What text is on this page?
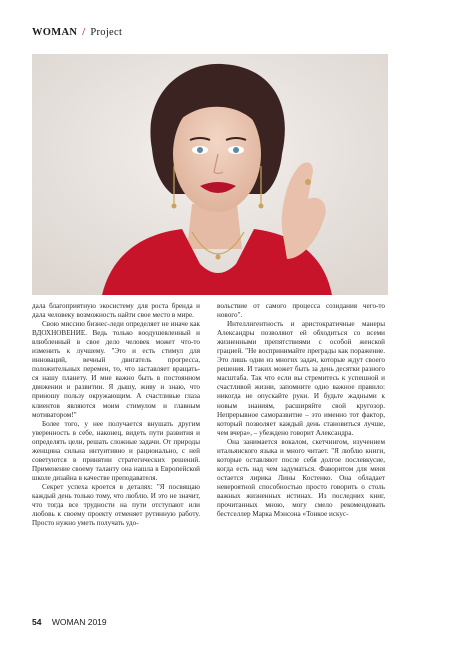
WOMAN / Project

дала благоприятную экосистему для роста бренда и дала человеку возможность найти свое место в мире.

Свою миссию бизнес-леди определяет не иначе как ВДОХНОВЕНИЕ. Ведь только воодушевленный и влюбленный в свое дело человек может что-то изменить к лучшему. "Это и есть стимул для инноваций, вечный двигатель прогресса, положительных перемен, то, что заставляет вращать-ся нашу планету. И мне важно быть в постоянном движении и развитии. Я дышу, живу и знаю, что приношу пользу окружающим. А счастливые глаза клиентов являются моим стимулом и главным мотиватором!"

Более того, у нее получается внушать другим уверенность в себе, наконец, видеть пути развития и определять цели, решать сложные задачи. От природы женщина сильна интуитивно и рационально, с ней советуются в принятии стратегических решений. Применение своему таланту она нашла в Европейской школе дизайна в качестве преподавателя.

Секрет успеха кроется в деталях: "Я посвящаю каждый день только тому, что люблю. И это не значит, что тогда все трудности на пути отступают или любовь к своему проекту отменяет рутинную работу. Просто нужно уметь получать удо-

вольствие от самого процесса созидания чего-то нового".

Интеллигентность и аристократичные манеры Александры позволяют ей обходиться со всеми жизненными препятствиями с особой женской грацией. "Не воспринимайте преграды как поражение. Это лишь одни из многих задач, которые ждут своего решения. И таких может быть за день десятки разного масштаба. Так что если вы стремитесь к успешной и счастливой жизни, запомните одно важное правило: никогда не опускайте руки. И будьте жадными к новым знаниям, расширяйте свой кругозор. Непрерывное саморазвитие – это именно тот фактор, который позволяет каждый день становиться лучше, чем вчера», – убеждено говорит Александра.

Она занимается вокалом, скетчингом, изучением итальянского языка и много читает. "Я люблю книги, которые оставляют после себя долгое послевкусие, когда есть над чем задуматься. Фаворитом для меня остается лирика Лины Костенко. Она обладает невероятной способностью просто говорить о столь важных жизненных истинах. Из последних книг, прочитанных мною, могу смело рекомендовать бестселлер Марка Мэнсона «Тонкое искус-

54 WOMAN 2019
